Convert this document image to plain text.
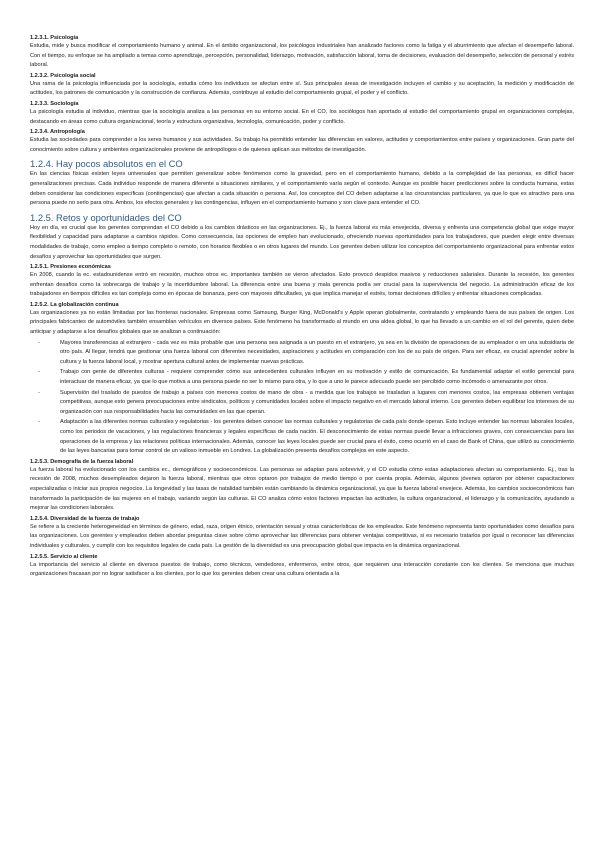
1.2.3.1. Psicología

Estudia, mide y busca modificar el comportamiento humano y animal. En el ámbito organizacional, los psicólogos industriales han analizado factores como la fatiga y el aburrimiento que afectan el desempeño laboral. Con el tiempo, su enfoque se ha ampliado a temas como aprendizaje, percepción, personalidad, liderazgo, motivación, satisfacción laboral, toma de decisiones, evaluación del desempeño, selección de personal y estrés laboral.

1.2.3.2. Psicología social

Una rama de la psicología influenciada por la sociología, estudia cómo los individuos se afectan entre sí. Sus principales áreas de investigación incluyen el cambio y su aceptación, la medición y modificación de actitudes, los patrones de comunicación y la construcción de confianza. Además, contribuye al estudio del comportamiento grupal, el poder y el conflicto.

1.2.3.3. Sociología

La psicología estudia al individuo, mientras que la sociología analiza a las personas en su entorno social. En el CO, los sociólogos han aportado al estudio del comportamiento grupal en organizaciones complejas, destacando en áreas como cultura organizacional, teoría y estructura organizativa, tecnología, comunicación, poder y conflicto.

1.2.3.4. Antropología

Estudia las sociedades para comprender a los seres humanos y sus actividades. Su trabajo ha permitido entender las diferencias en valores, actitudes y comportamientos entre países y organizaciones. Gran parte del conocimiento sobre cultura y ambientes organizacionales proviene de antropólogos o de quienes aplican sus métodos de investigación.

1.2.4. Hay pocos absolutos en el CO

En las ciencias físicas existen leyes universales que permiten generalizar sobre fenómenos como la gravedad, pero en el comportamiento humano, debido a la complejidad de las personas, es difícil hacer generalizaciones precisas. Cada individuo responde de manera diferente a situaciones similares, y el comportamiento varía según el contexto. Aunque es posible hacer predicciones sobre la conducta humana, estas deben considerar las condiciones específicas (contingencias) que afectan a cada situación o persona. Así, los conceptos del CO deben adaptarse a las circunstancias particulares, ya que lo que es atractivo para una persona puede no serlo para otra. Ambos, los efectos generales y las contingencias, influyen en el comportamiento humano y son clave para entender el CO.

1.2.5. Retos y oportunidades del CO

Hoy en día, es crucial que los gerentes comprendan el CO debido a los cambios drásticos en las organizaciones. Ej., la fuerza laboral es más envejecida, diversa y enfrenta una competencia global que exige mayor flexibilidad y capacidad para adaptarse a cambios rápidos. Como consecuencia, las opciones de empleo han evolucionado, ofreciendo nuevas oportunidades para los trabajadores, que pueden elegir entre diversas modalidades de trabajo, como empleo a tiempo completo o remoto, con horarios flexibles o en otros lugares del mundo. Los gerentes deben utilizar los conceptos del comportamiento organizacional para enfrentar estos desafíos y aprovechar las oportunidades que surgen.

1.2.5.1. Presiones económicas

En 2008, cuando la ec. estadounidense entró en recesión, muchos otros ec. importantes también se vieron afectados. Esto provocó despidos masivos y reducciones salariales. Durante la recesión, los gerentes enfrentan desafíos como la sobrecarga de trabajo y la incertidumbre laboral. La diferencia entre una buena y mala gerencia podía ser crucial para la supervivencia del negocio. La administración eficaz de los trabajadores en tiempos difíciles es tan compleja como en épocas de bonanza, pero con mayores dificultades, ya que implica manejar el estrés, tomar decisiones difíciles y enfrentar situaciones complicadas.

1.2.5.2. La globalización continua

Las organizaciones ya no están limitadas por las fronteras nacionales. Empresas como Samsung, Burger King, McDonald's y Apple operan globalmente, contratando y empleando fuera de sus países de origen. Los principales fabricantes de automóviles también ensamblan vehículos en diversos países. Este fenómeno ha transformado al mundo en una aldea global, lo que ha llevado a un cambio en el rol del gerente, quien debe anticipar y adaptarse a los desafíos globales que se analizan a continuación:

-	Mayores transferencias al extranjero - cada vez es más probable que una persona sea asignada a un puesto en el extranjero, ya sea en la división de operaciones de su empleador o en una subsidiaria de otro país. Al llegar, tendrá que gestionar una fuerza laboral con diferentes necesidades, aspiraciones y actitudes en comparación con los de su país de origen. Para ser eficaz, es crucial aprender sobre la cultura y la fuerza laboral local, y mostrar apertura cultural antes de implementar nuevas prácticas.
-	Trabajo con gente de diferentes culturas - requiere comprender cómo sus antecedentes culturales influyen en su motivación y estilo de comunicación. Es fundamental adaptar el estilo gerencial para interactuar de manera eficaz, ya que lo que motiva a una persona puede no ser lo mismo para otra, y lo que a uno le parece adecuado puede ser percibido como incómodo o amenazante por otros.
-	Supervisión del traslado de puestos de trabajo a países con menores costos de mano de obra - a medida que los trabajos se trasladan a lugares con menores costos, las empresas obtienen ventajas competitivas, aunque esto genera preocupaciones entre sindicatos, políticos y comunidades locales sobre el impacto negativo en el mercado laboral interno. Los gerentes deben equilibrar los intereses de su organización con sus responsabilidades hacia las comunidades en las que operan.
-	Adaptación a las diferentes normas culturales y regulatorias - los gerentes deben conocer las normas culturales y regulatorias de cada país donde operan. Esto incluye entender las normas laborales locales, como los periodos de vacaciones, y las regulaciones financieras y legales específicas de cada nación. El desconocimiento de estas normas puede llevar a infracciones graves, con consecuencias para las operaciones de la empresa y las relaciones políticas internacionales. Además, conocer las leyes locales puede ser crucial para el éxito, como ocurrió en el caso de Bank of China, que utilizó su conocimiento de las leyes bancarias para tomar control de un valioso inmueble en Londres. La globalización presenta desafíos complejos en este aspecto.
1.2.5.3. Demografía de la fuerza laboral

La fuerza laboral ha evolucionado con los cambios ec., demográficos y socioeconómicos. Las personas se adaptan para sobrevivir, y el CO estudia cómo estas adaptaciones afectan su comportamiento. Ej., tras la recesión de 2008, muchos desempleados dejaron la fuerza laboral, mientras que otros optaron por trabajos de medio tiempo o por cuenta propia. Además, algunos jóvenes optaron por obtener capacitaciones especializadas o iniciar sus propios negocios. La longevidad y las tasas de natalidad también están cambiando la dinámica organizacional, ya que la fuerza laboral envejece. Además, los cambios socioeconómicos han transformado la participación de las mujeres en el trabajo, variando según las culturas. El CO analiza cómo estos factores impactan las actitudes, la cultura organizacional, el liderazgo y la comunicación, ayudando a mejorar las condiciones laborales.

1.2.5.4. Diversidad de la fuerza de trabajo

Se refiere a la creciente heterogeneidad en términos de género, edad, raza, origen étnico, orientación sexual y otras características de los empleados. Este fenómeno representa tanto oportunidades como desafíos para las organizaciones. Los gerentes y empleados deben abordar preguntas clave sobre cómo aprovechar las diferencias para obtener ventajas competitivas, si es necesario tratarlos por igual o reconocer las diferencias individuales y culturales, y cumplir con los requisitos legales de cada país. La gestión de la diversidad es una preocupación global que impacta en la dinámica organizacional.

1.2.5.5. Servicio al cliente

La importancia del servicio al cliente en diversos puestos de trabajo, como técnicos, vendedores, enfermeros, entre otros, que requieren una interacción constante con los clientes. Se menciona que muchas organizaciones fracasan por no lograr satisfacer a los clientes, por lo que los gerentes deben crear una cultura orientada a la
